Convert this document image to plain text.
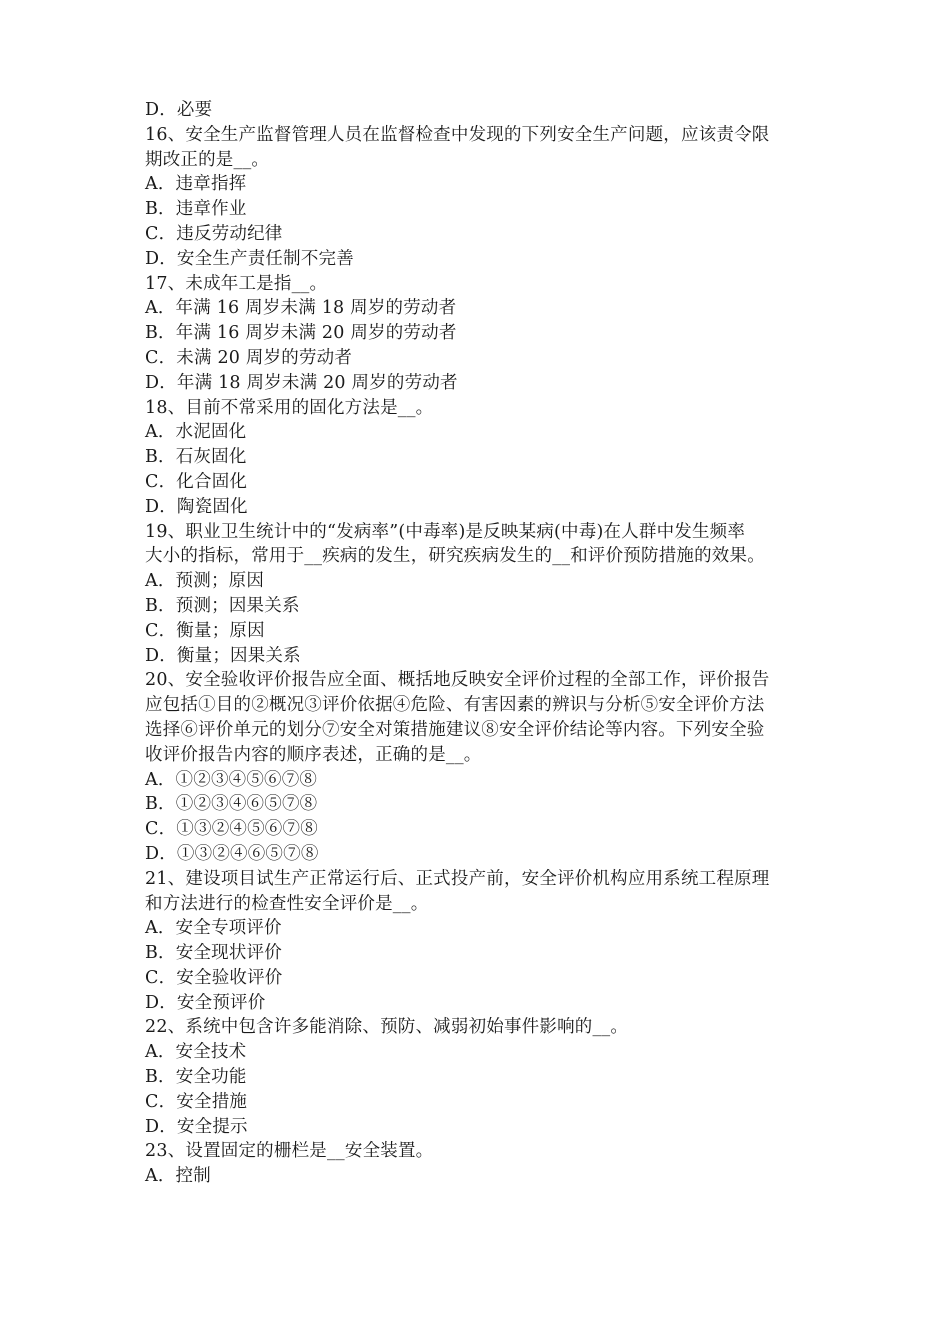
D．必要
16、安全生产监督管理人员在监督检查中发现的下列安全生产问题，应该责令限
期改正的是__。
A．违章指挥
B．违章作业
C．违反劳动纪律
D．安全生产责任制不完善
17、未成年工是指__。
A．年满 16 周岁未满 18 周岁的劳动者
B．年满 16 周岁未满 20 周岁的劳动者
C．未满 20 周岁的劳动者
D．年满 18 周岁未满 20 周岁的劳动者
18、目前不常采用的固化方法是__。
A．水泥固化
B．石灰固化
C．化合固化
D．陶瓷固化
19、职业卫生统计中的“发病率”(中毒率)是反映某病(中毒)在人群中发生频率
大小的指标，常用于__疾病的发生，研究疾病发生的__和评价预防措施的效果。
A．预测；原因
B．预测；因果关系
C．衡量；原因
D．衡量；因果关系
20、安全验收评价报告应全面、概括地反映安全评价过程的全部工作，评价报告
应包括①目的②概况③评价依据④危险、有害因素的辨识与分析⑤安全评价方法
选择⑥评价单元的划分⑦安全对策措施建议⑧安全评价结论等内容。下列安全验
收评价报告内容的顺序表述，正确的是__。
A．①②③④⑤⑥⑦⑧
B．①②③④⑥⑤⑦⑧
C．①③②④⑤⑥⑦⑧
D．①③②④⑥⑤⑦⑧
21、建设项目试生产正常运行后、正式投产前，安全评价机构应用系统工程原理
和方法进行的检查性安全评价是__。
A．安全专项评价
B．安全现状评价
C．安全验收评价
D．安全预评价
22、系统中包含许多能消除、预防、减弱初始事件影响的__。
A．安全技术
B．安全功能
C．安全措施
D．安全提示
23、设置固定的栅栏是__安全装置。
A．控制
